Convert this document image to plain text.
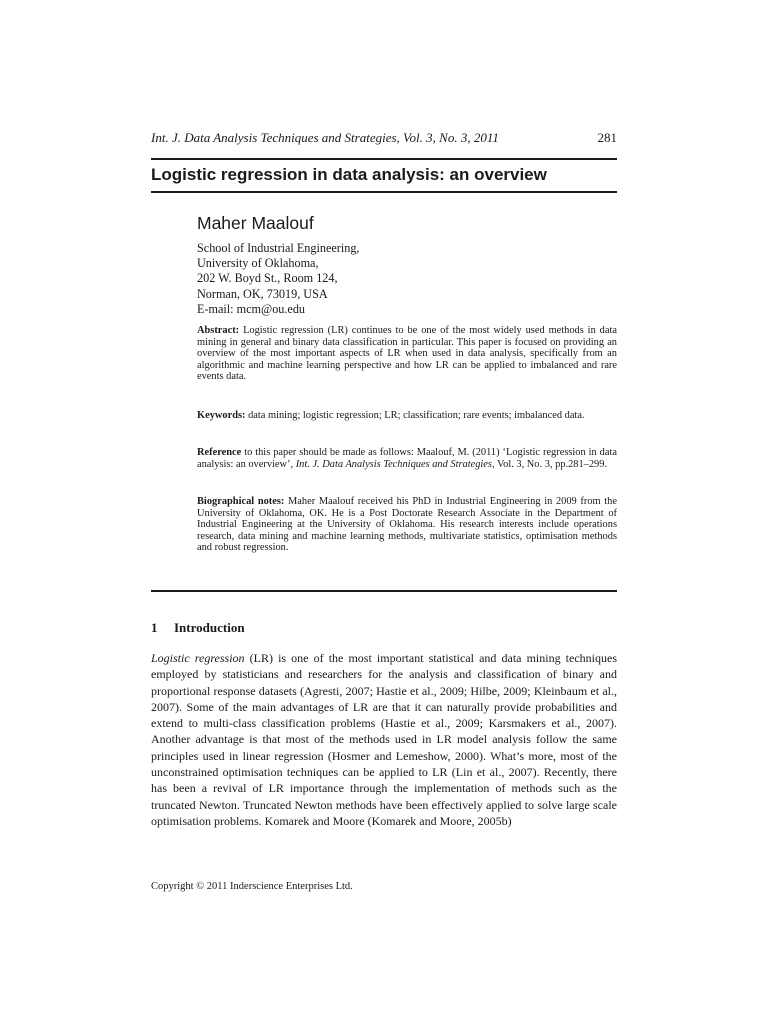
Int. J. Data Analysis Techniques and Strategies, Vol. 3, No. 3, 2011	281
Logistic regression in data analysis: an overview
Maher Maalouf
School of Industrial Engineering,
University of Oklahoma,
202 W. Boyd St., Room 124,
Norman, OK, 73019, USA
E-mail: mcm@ou.edu

Abstract: Logistic regression (LR) continues to be one of the most widely used methods in data mining in general and binary data classification in particular. This paper is focused on providing an overview of the most important aspects of LR when used in data analysis, specifically from an algorithmic and machine learning perspective and how LR can be applied to imbalanced and rare events data.

Keywords: data mining; logistic regression; LR; classification; rare events; imbalanced data.

Reference to this paper should be made as follows: Maalouf, M. (2011) ‘Logistic regression in data analysis: an overview’, Int. J. Data Analysis Techniques and Strategies, Vol. 3, No. 3, pp.281–299.

Biographical notes: Maher Maalouf received his PhD in Industrial Engineering in 2009 from the University of Oklahoma, OK. He is a Post Doctorate Research Associate in the Department of Industrial Engineering at the University of Oklahoma. His research interests include operations research, data mining and machine learning methods, multivariate statistics, optimisation methods and robust regression.

1 Introduction

Logistic regression (LR) is one of the most important statistical and data mining techniques employed by statisticians and researchers for the analysis and classification of binary and proportional response datasets (Agresti, 2007; Hastie et al., 2009; Hilbe, 2009; Kleinbaum et al., 2007). Some of the main advantages of LR are that it can naturally provide probabilities and extend to multi-class classification problems (Hastie et al., 2009; Karsmakers et al., 2007). Another advantage is that most of the methods used in LR model analysis follow the same principles used in linear regression (Hosmer and Lemeshow, 2000). What’s more, most of the unconstrained optimisation techniques can be applied to LR (Lin et al., 2007). Recently, there has been a revival of LR importance through the implementation of methods such as the truncated Newton. Truncated Newton methods have been effectively applied to solve large scale optimisation problems. Komarek and Moore (Komarek and Moore, 2005b)

Copyright © 2011 Inderscience Enterprises Ltd.
